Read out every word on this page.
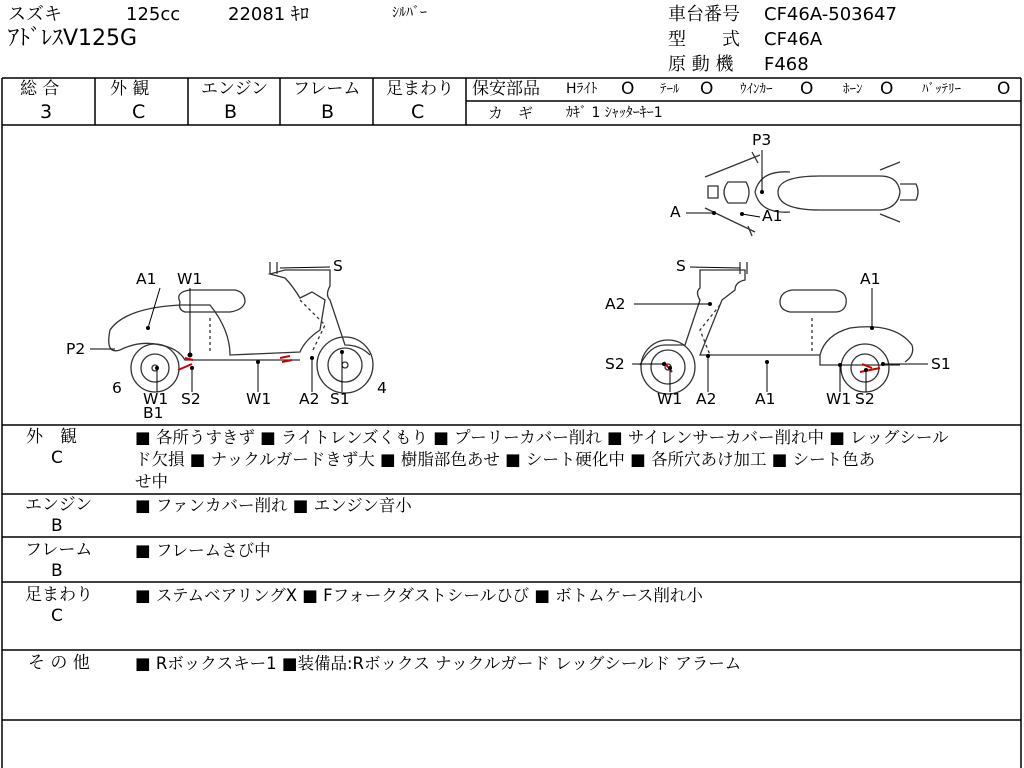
スズキ	125cc	22081 ｷﾛ	ｼﾙﾊﾞｰ
ｱﾄﾞﾚｽV125G
車台番号 CF46A-503647
型　　式 CF46A
原 動 機 F468
総 合
3
外 観
C
エンジン
B
フレーム
B
足まわり
C
保安部品 Hﾗｲﾄ O ﾃｰﾙ O ｳｲﾝｶｰ O ﾎｰﾝ O ﾊﾞｯﾃﾘｰ O
カ　ギ ｶｷﾞ 1 ｼｬｯﾀｰｷｰ1
A1 W1
S
P2
6
W1
B1
S2	W1 A2 S1
4
S
A1
A2
S2
W1 A2 A1	W1 S2
S1
P3
A	A1
外　観
C
■ 各所うすきず ■ ライトレンズくもり ■ プーリーカバー削れ ■ サイレンサーカバー削れ中 ■ レッグシール
ド欠損 ■ ナックルガードきず大 ■ 樹脂部色あせ ■ シート硬化中 ■ 各所穴あけ加工 ■ シート色あ
せ中
エンジン
B
■ ファンカバー削れ ■ エンジン音小
フレーム
B
■ フレームさび中
足まわり
C
■ ステムベアリングX ■ Fフォークダストシールひび ■ ボトムケース削れ小
そ の 他	■ Rボックスキー1 ■装備品:Rボックス ナックルガード レッグシールド アラーム
